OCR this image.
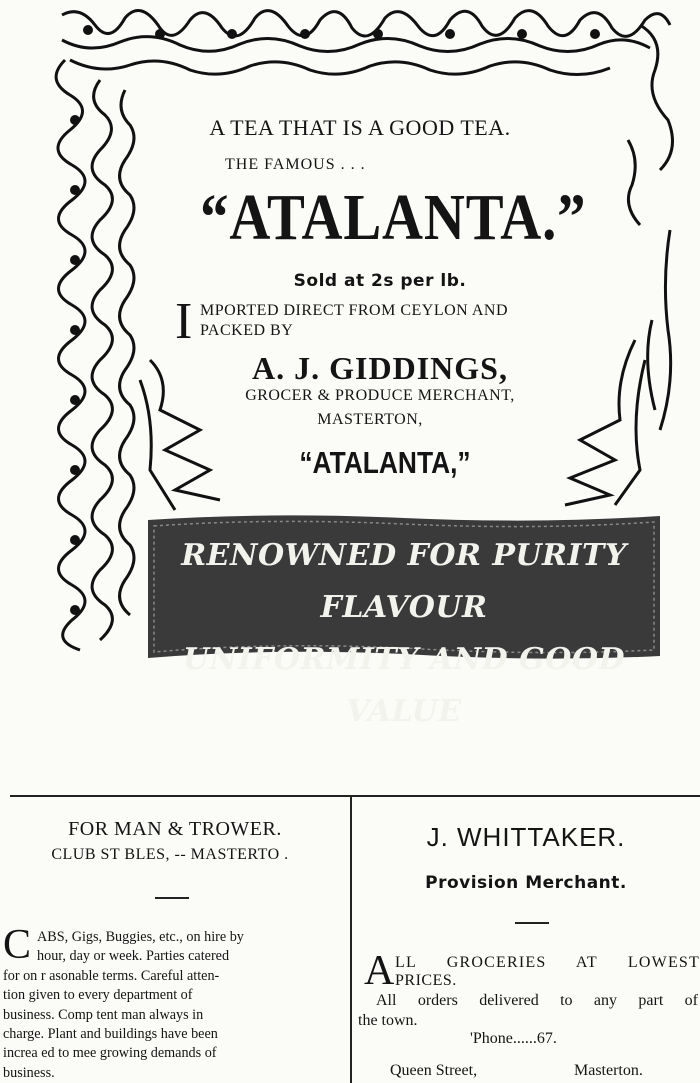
A TEA THAT IS A GOOD TEA.
THE FAMOUS . . .
“ATALANTA.”
Sold at 2s per lb.
I MPORTED DIRECT FROM CEYLON AND
PACKED BY
A. J. GIDDINGS,
GROCER & PRODUCE MERCHANT,
MASTERTON,
“ATALANTA,”
RENOWNED FOR PURITY FLAVOUR
UNIFORMITY AND GOOD VALUE
FOR MAN & TROWER.
CLUB ST BLES, -- MASTERTO .
C ABS, Gigs, Buggies, etc., on hire by

hour, day or week. Parties catered

for on r asonable terms. Careful atten-

tion given to every department of

business. Comp tent man always in

charge. Plant and buildings have been

increa ed to mee growing demands of

business.

J. WHITTAKER.
Provision Merchant.
A LL GROCERIES AT LOWEST
PRICES.
All orders delivered to any part of
the town.
'Phone......67.
Queen Street,	Masterton.
